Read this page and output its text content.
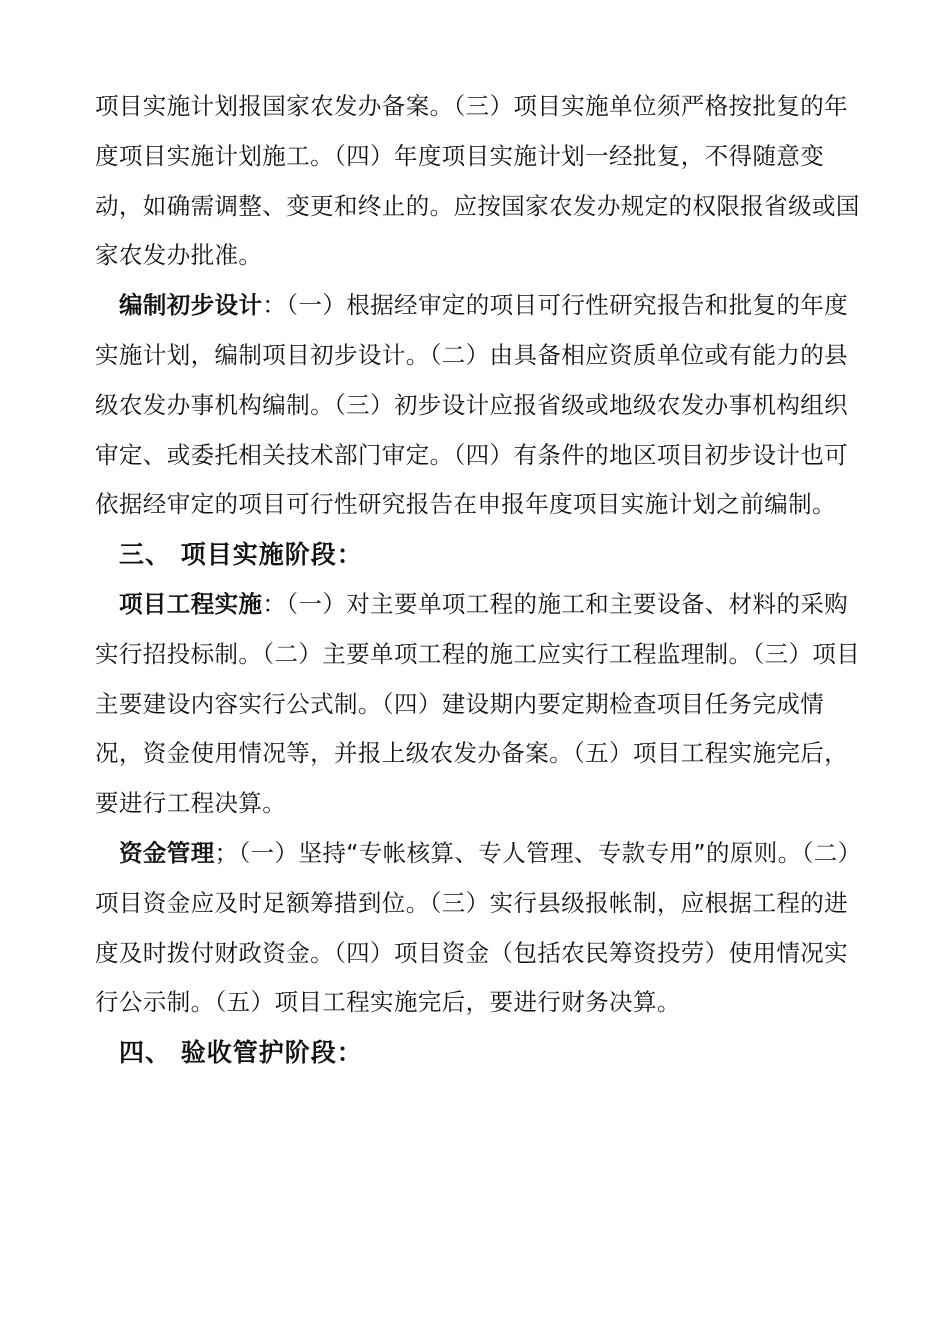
项目实施计划报国家农发办备案。（三）项目实施单位须严格按批复的年度项目实施计划施工。（四）年度项目实施计划一经批复，不得随意变动，如确需调整、变更和终止的。应按国家农发办规定的权限报省级或国家农发办批准。

编制初步设计：（一）根据经审定的项目可行性研究报告和批复的年度实施计划，编制项目初步设计。（二）由具备相应资质单位或有能力的县级农发办事机构编制。（三）初步设计应报省级或地级农发办事机构组织审定、或委托相关技术部门审定。（四）有条件的地区项目初步设计也可依据经审定的项目可行性研究报告在申报年度项目实施计划之前编制。

三、 项目实施阶段：

项目工程实施：（一）对主要单项工程的施工和主要设备、材料的采购实行招投标制。（二）主要单项工程的施工应实行工程监理制。（三）项目主要建设内容实行公式制。（四）建设期内要定期检查项目任务完成情况，资金使用情况等，并报上级农发办备案。（五）项目工程实施完后，要进行工程决算。

资金管理；（一）坚持“专帐核算、专人管理、专款专用”的原则。（二）项目资金应及时足额筹措到位。（三）实行县级报帐制，应根据工程的进度及时拨付财政资金。（四）项目资金（包括农民筹资投劳）使用情况实行公示制。（五）项目工程实施完后，要进行财务决算。

四、 验收管护阶段：
